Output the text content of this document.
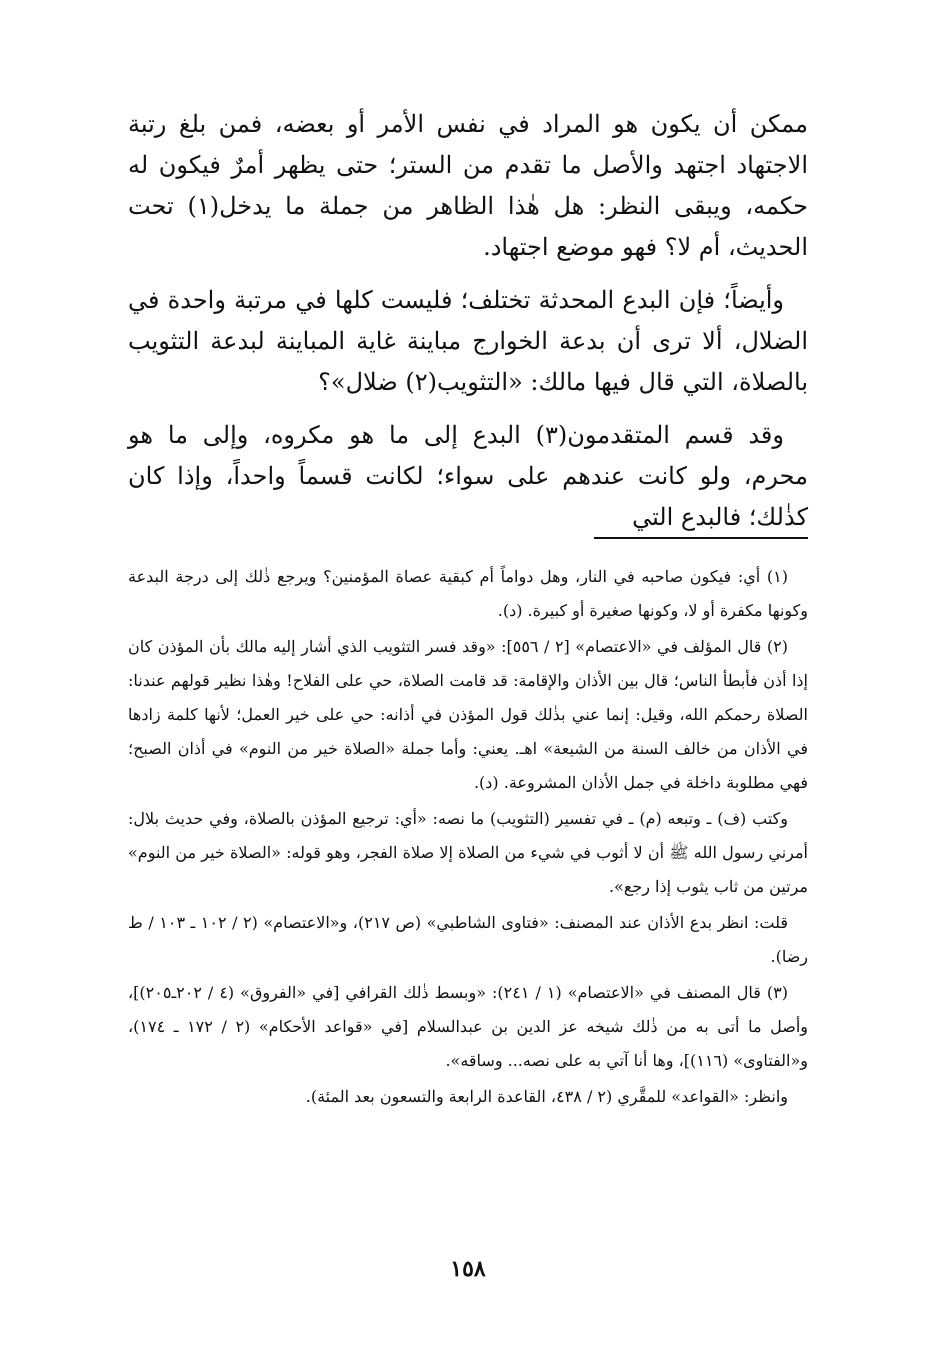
ممكن أن يكون هو المراد في نفس الأمر أو بعضه، فمن بلغ رتبة الاجتهاد اجتهد والأصل ما تقدم من الستر؛ حتى يظهر أمرٌ فيكون له حكمه، ويبقى النظر: هل هٰذا الظاهر من جملة ما يدخل(١) تحت الحديث، أم لا؟ فهو موضع اجتهاد.

وأيضاً؛ فإن البدع المحدثة تختلف؛ فليست كلها في مرتبة واحدة في الضلال، ألا ترى أن بدعة الخوارج مباينة غاية المباينة لبدعة التثويب بالصلاة، التي قال فيها مالك: «التثويب(٢) ضلال»؟

وقد قسم المتقدمون(٣) البدع إلى ما هو مكروه، وإلى ما هو محرم، ولو كانت عندهم على سواء؛ لكانت قسماً واحداً، وإذا كان كذٰلك؛ فالبدع التي

(١) أي: فيكون صاحبه في النار، وهل دواماً أم كبقية عصاة المؤمنين؟ ويرجع ذٰلك إلى درجة البدعة وكونها مكفرة أو لا، وكونها صغيرة أو كبيرة. (د).

(٢) قال المؤلف في «الاعتصام» [٢ / ٥٥٦]: «وقد فسر التثويب الذي أشار إليه مالك بأن المؤذن كان إذا أذن فأبطأ الناس؛ قال بين الأذان والإقامة: قد قامت الصلاة، حي على الفلاح! وهٰذا نظير قولهم عندنا: الصلاة رحمكم الله، وقيل: إنما عني بذٰلك قول المؤذن في أذانه: حي على خير العمل؛ لأنها كلمة زادها في الأذان من خالف السنة من الشيعة» اهـ. يعني: وأما جملة «الصلاة خير من النوم» في أذان الصبح؛ فهي مطلوبة داخلة في جمل الأذان المشروعة. (د).

وكتب (ف) ـ وتبعه (م) ـ في تفسير (التثويب) ما نصه: «أي: ترجيع المؤذن بالصلاة، وفي حديث بلال: أمرني رسول الله ﷺ أن لا أثوب في شيء من الصلاة إلا صلاة الفجر، وهو قوله: «الصلاة خير من النوم» مرتين من ثاب يثوب إذا رجع».

قلت: انظر بدع الأذان عند المصنف: «فتاوى الشاطبي» (ص ٢١٧)، و«الاعتصام» (٢ / ١٠٢ ـ ١٠٣ / ط رضا).

(٣) قال المصنف في «الاعتصام» (١ / ٢٤١): «وبسط ذٰلك القرافي [في «الفروق» (٤ / ٢٠٢ـ٢٠٥)]، وأصل ما أتى به من ذٰلك شيخه عز الدين بن عبدالسلام [في «قواعد الأحكام» (٢ / ١٧٢ ـ ١٧٤)، و«الفتاوى» (١١٦)]، وها أنا آتي به على نصه... وساقه».

وانظر: «القواعد» للمقَّري (٢ / ٤٣٨، القاعدة الرابعة والتسعون بعد المئة).

١٥٨
